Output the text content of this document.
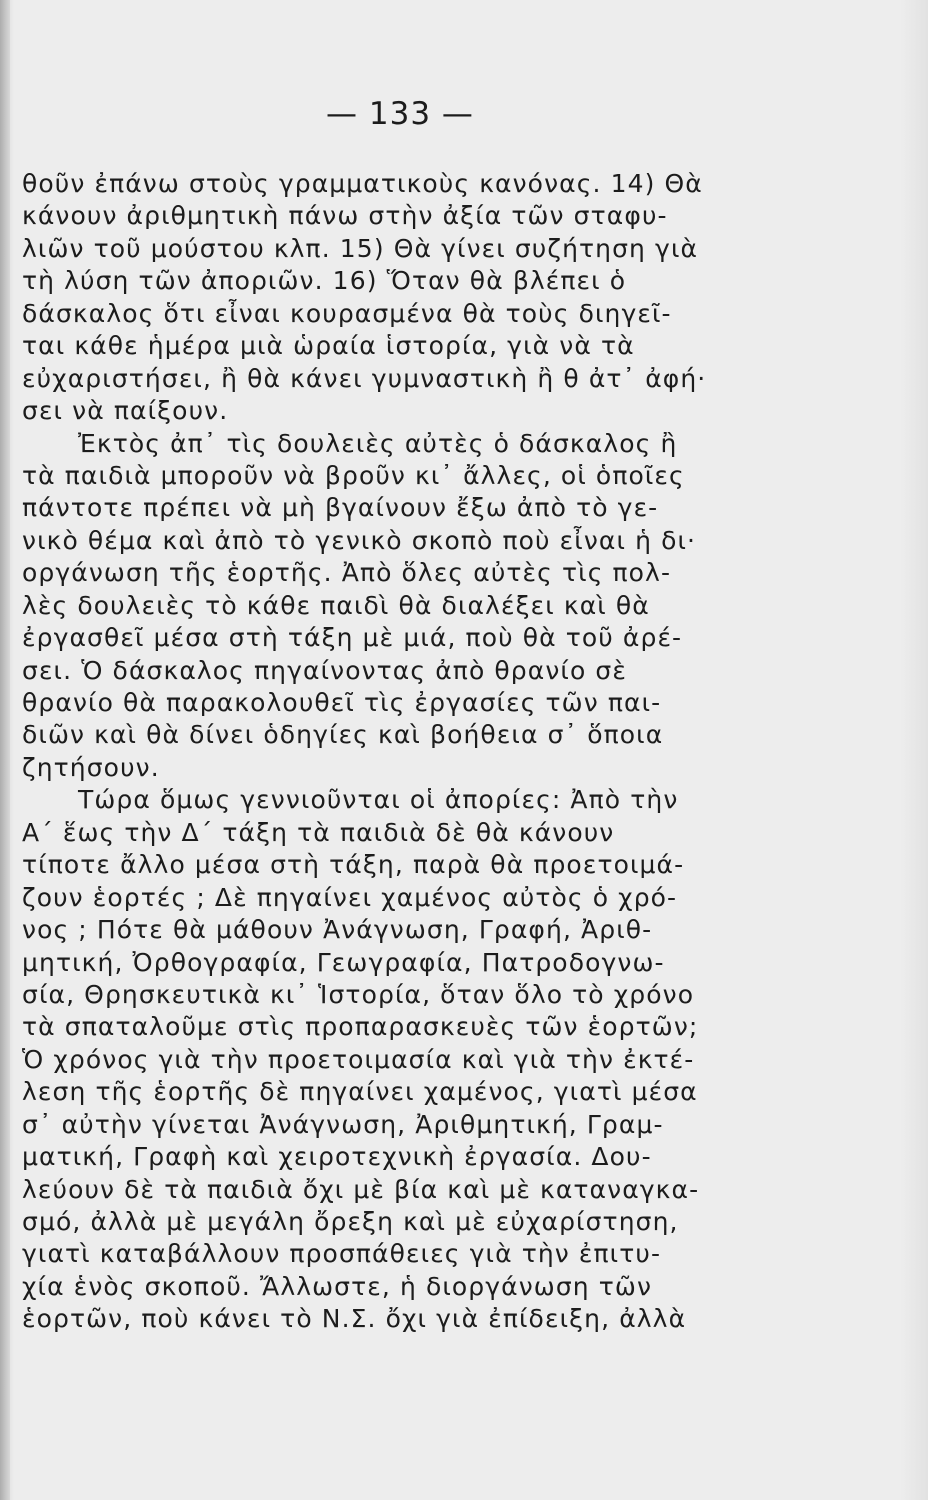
— 133 —
θοῦν ἐπάνω στοὺς γραμματικοὺς κανόνας. 14) Θὰ
κάνουν ἀριθμητικὴ πάνω στὴν ἀξία τῶν σταφυ-
λιῶν τοῦ μούστου κλπ. 15) Θὰ γίνει συζήτηση γιὰ
τὴ λύση τῶν ἀποριῶν. 16) Ὅταν θὰ βλέπει ὁ
δάσκαλος ὅτι εἶναι κουρασμένα θὰ τοὺς διηγεῖ-
ται κάθε ἡμέρα μιὰ ὡραία ἱστορία, γιὰ νὰ τὰ
εὐχαριστήσει, ἢ θὰ κάνει γυμναστικὴ ἢ θ ἀτ᾽ ἀφή·
σει νὰ παίξουν.
Ἐκτὸς ἀπ᾽ τὶς δουλειὲς αὐτὲς ὁ δάσκαλος ἢ
τὰ παιδιὰ μποροῦν νὰ βροῦν κι᾽ ἄλλες, οἱ ὁποῖες
πάντοτε πρέπει νὰ μὴ βγαίνουν ἔξω ἀπὸ τὸ γε-
νικὸ θέμα καὶ ἀπὸ τὸ γενικὸ σκοπὸ ποὺ εἶναι ἡ δι·
οργάνωση τῆς ἑορτῆς. Ἀπὸ ὅλες αὐτὲς τὶς πολ-
λὲς δουλειὲς τὸ κάθε παιδὶ θὰ διαλέξει καὶ θὰ
ἐργασθεῖ μέσα στὴ τάξη μὲ μιά, ποὺ θὰ τοῦ ἀρέ-
σει. Ὁ δάσκαλος πηγαίνοντας ἀπὸ θρανίο σὲ
θρανίο θὰ παρακολουθεῖ τὶς ἐργασίες τῶν παι-
διῶν καὶ θὰ δίνει ὁδηγίες καὶ βοήθεια σ᾽ ὅποια
ζητήσουν.
Τώρα ὅμως γεννιοῦνται οἱ ἀπορίες: Ἀπὸ τὴν
Α΄ ἕως τὴν Δ΄ τάξη τὰ παιδιὰ δὲ θὰ κάνουν
τίποτε ἄλλο μέσα στὴ τάξη, παρὰ θὰ προετοιμά-
ζουν ἑορτές ; Δὲ πηγαίνει χαμένος αὐτὸς ὁ χρό-
νος ; Πότε θὰ μάθουν Ἀνάγνωση, Γραφή, Ἀριθ-
μητική, Ὀρθογραφία, Γεωγραφία, Πατροδογνω-
σία, Θρησκευτικὰ κι᾽ Ἱστορία, ὅταν ὅλο τὸ χρόνο
τὰ σπαταλοῦμε στὶς προπαρασκευὲς τῶν ἑορτῶν;
Ὁ χρόνος γιὰ τὴν προετοιμασία καὶ γιὰ τὴν ἐκτέ-
λεση τῆς ἑορτῆς δὲ πηγαίνει χαμένος, γιατὶ μέσα
σ᾽ αὐτὴν γίνεται Ἀνάγνωση, Ἀριθμητική, Γραμ-
ματική, Γραφὴ καὶ χειροτεχνικὴ ἐργασία. Δου-
λεύουν δὲ τὰ παιδιὰ ὄχι μὲ βία καὶ μὲ καταναγκα-
σμό, ἀλλὰ μὲ μεγάλη ὄρεξη καὶ μὲ εὐχαρίστηση,
γιατὶ καταβάλλουν προσπάθειες γιὰ τὴν ἐπιτυ-
χία ἑνὸς σκοποῦ. Ἄλλωστε, ἡ διοργάνωση τῶν
ἑορτῶν, ποὺ κάνει τὸ Ν.Σ. ὄχι γιὰ ἐπίδειξη, ἀλλὰ
